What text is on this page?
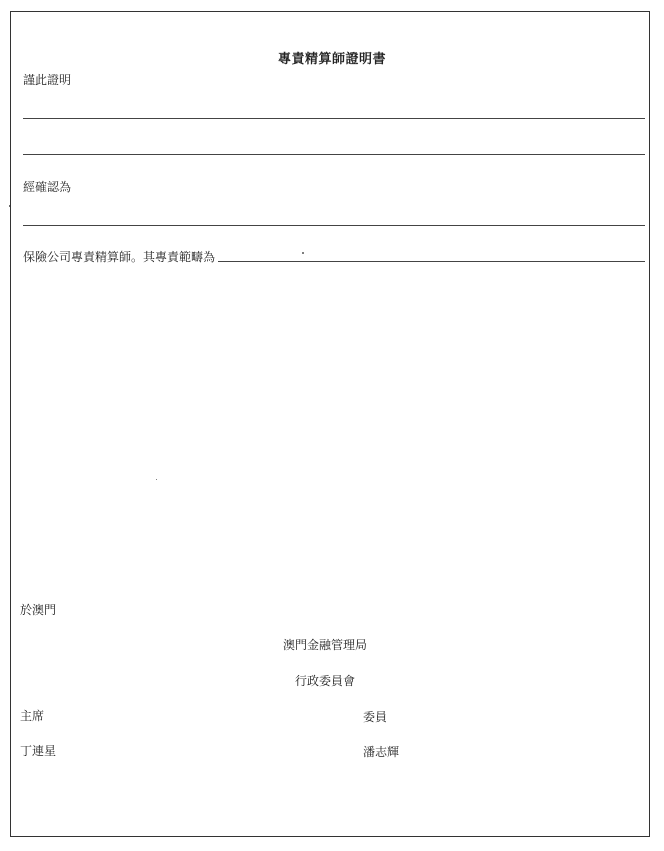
專責精算師證明書
謹此證明
經確認為
保險公司專責精算師。其專責範疇為
於澳門
澳門金融管理局
行政委員會
主席	委員
丁連星	潘志輝
